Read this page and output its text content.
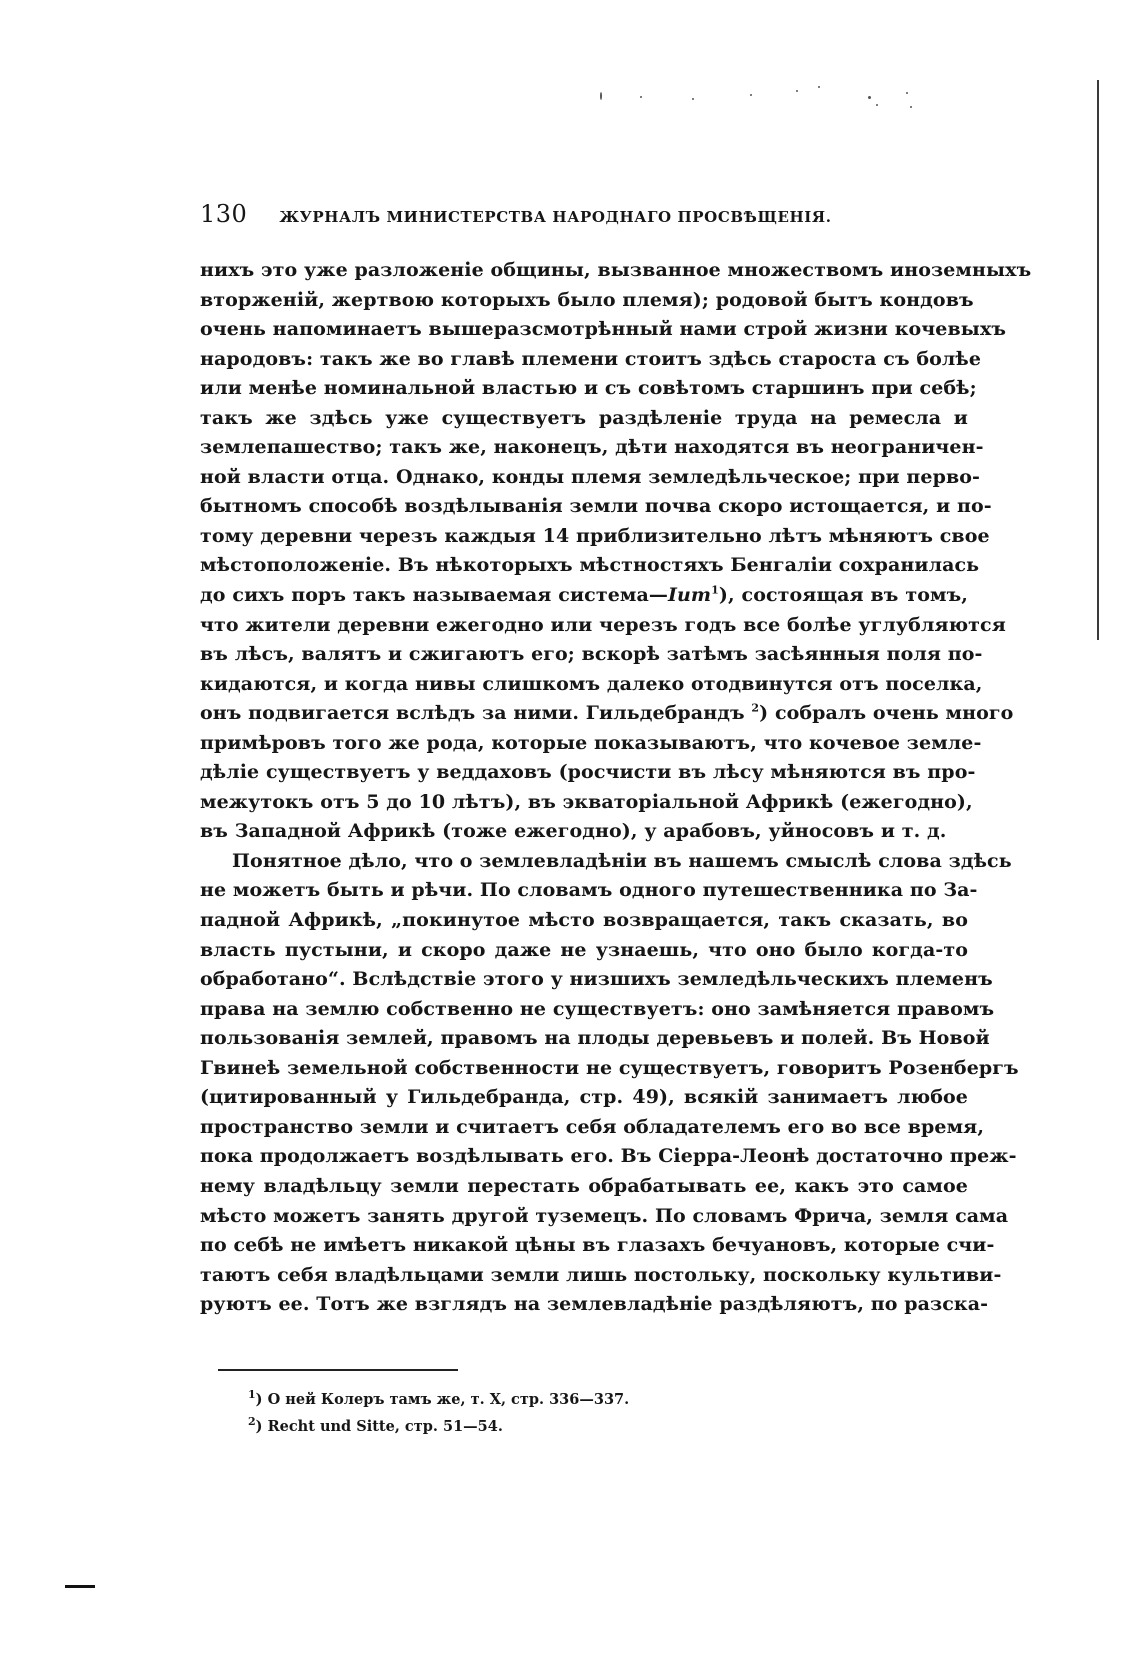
130 ЖУРНАЛЪ МИНИСТЕРСТВА НАРОДНАГО ПРОСВѢЩЕНІЯ.
нихъ это уже разложеніе общины, вызванное множествомъ иноземныхъ
вторженій, жертвою которыхъ было племя); родовой бытъ кондовъ
очень напоминаетъ вышеразсмотрѣнный нами строй жизни кочевыхъ
народовъ: такъ же во главѣ племени стоитъ здѣсь староста съ болѣе
или менѣе номинальной властью и съ совѣтомъ старшинъ при себѣ;
такъ же здѣсь уже существуетъ раздѣленіе труда на ремесла и
землепашество; такъ же, наконецъ, дѣти находятся въ неограничен-
ной власти отца. Однако, конды племя земледѣльческое; при перво-
бытномъ способѣ воздѣлыванія земли почва скоро истощается, и по-
тому деревни черезъ каждыя 14 приблизительно лѣтъ мѣняютъ свое
мѣстоположеніе. Въ нѣкоторыхъ мѣстностяхъ Бенгаліи сохранилась
до сихъ поръ такъ называемая система—Ium$^1$), состоящая въ томъ,
что жители деревни ежегодно или черезъ годъ все болѣе углубляются
въ лѣсъ, валятъ и сжигаютъ его; вскорѣ затѣмъ засѣянныя поля по-
кидаются, и когда нивы слишкомъ далеко отодвинутся отъ поселка,
онъ подвигается вслѣдъ за ними. Гильдебрандъ $^2$) собралъ очень много
примѣровъ того же рода, которые показываютъ, что кочевое земле-
дѣліе существуетъ у веддаховъ (росчисти въ лѣсу мѣняются въ про-
межутокъ отъ 5 до 10 лѣтъ), въ экваторіальной Африкѣ (ежегодно),
въ Западной Африкѣ (тоже ежегодно), у арабовъ, уйносовъ и т. д.
Понятное дѣло, что о землевладѣніи въ нашемъ смыслѣ слова здѣсь
не можетъ быть и рѣчи. По словамъ одного путешественника по За-
падной Африкѣ, „покинутое мѣсто возвращается, такъ сказать, во
власть пустыни, и скоро даже не узнаешь, что оно было когда-то
обработано“. Вслѣдствіе этого у низшихъ земледѣльческихъ племенъ
права на землю собственно не существуетъ: оно замѣняется правомъ
пользованія землей, правомъ на плоды деревьевъ и полей. Въ Новой
Гвинеѣ земельной собственности не существуетъ, говоритъ Розенбергъ
(цитированный у Гильдебранда, стр. 49), всякій занимаетъ любое
пространство земли и считаетъ себя обладателемъ его во все время,
пока продолжаетъ воздѣлывать его. Въ Сіерра-Леонѣ достаточно преж-
нему владѣльцу земли перестать обрабатывать ее, какъ это самое
мѣсто можетъ занять другой туземецъ. По словамъ Фрича, земля сама
по себѣ не имѣетъ никакой цѣны въ глазахъ бечуановъ, которые счи-
таютъ себя владѣльцами земли лишь постольку, поскольку культиви-
руютъ ее. Тотъ же взглядъ на землевладѣніе раздѣляютъ, по разска-
$^1$) О ней Колеръ тамъ же, т. X, стр. 336—337.
$^2$) Recht und Sitte, стр. 51—54.
